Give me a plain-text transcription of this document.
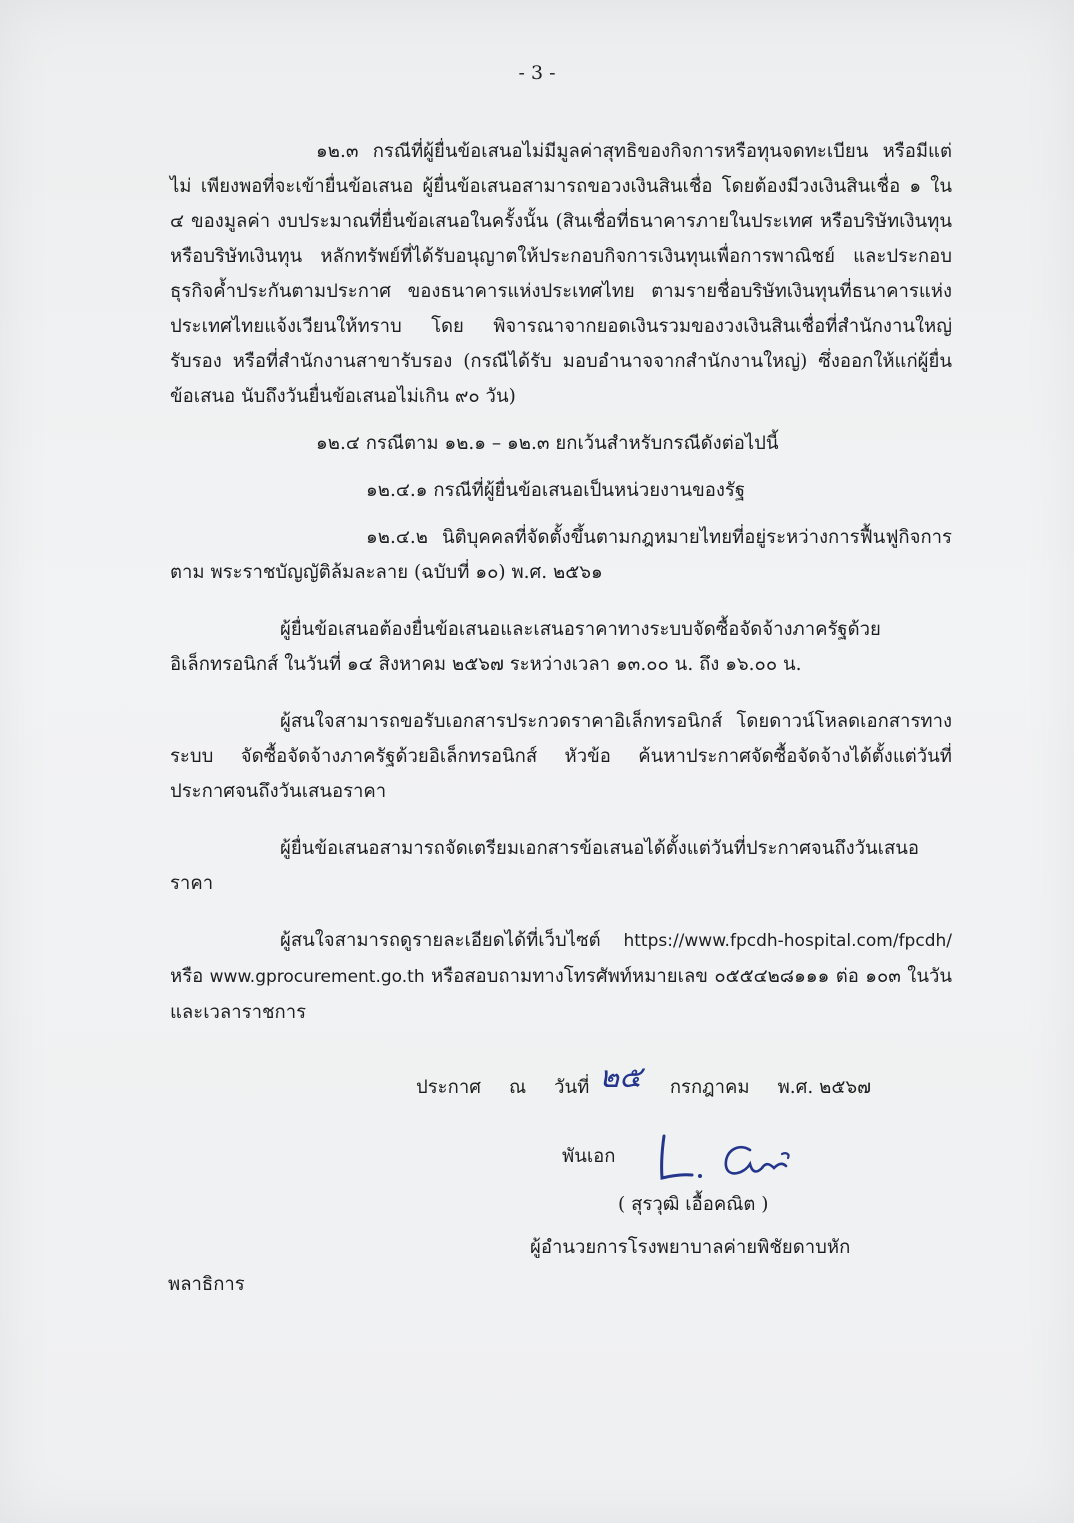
- 3 -

๑๒.๓ กรณีที่ผู้ยื่นข้อเสนอไม่มีมูลค่าสุทธิของกิจการหรือทุนจดทะเบียน หรือมีแต่ไม่ เพียงพอที่จะเข้ายื่นข้อเสนอ ผู้ยื่นข้อเสนอสามารถขอวงเงินสินเชื่อ โดยต้องมีวงเงินสินเชื่อ ๑ ใน ๔ ของมูลค่า งบประมาณที่ยื่นข้อเสนอในครั้งนั้น (สินเชื่อที่ธนาคารภายในประเทศ หรือบริษัทเงินทุนหรือบริษัทเงินทุน หลักทรัพย์ที่ได้รับอนุญาตให้ประกอบกิจการเงินทุนเพื่อการพาณิชย์ และประกอบธุรกิจค้ำประกันตามประกาศ ของธนาคารแห่งประเทศไทย ตามรายชื่อบริษัทเงินทุนที่ธนาคารแห่งประเทศไทยแจ้งเวียนให้ทราบ โดย พิจารณาจากยอดเงินรวมของวงเงินสินเชื่อที่สำนักงานใหญ่รับรอง หรือที่สำนักงานสาขารับรอง (กรณีได้รับ มอบอำนาจจากสำนักงานใหญ่) ซึ่งออกให้แก่ผู้ยื่นข้อเสนอ นับถึงวันยื่นข้อเสนอไม่เกิน ๙๐ วัน)

๑๒.๔ กรณีตาม ๑๒.๑ – ๑๒.๓ ยกเว้นสำหรับกรณีดังต่อไปนี้

๑๒.๔.๑ กรณีที่ผู้ยื่นข้อเสนอเป็นหน่วยงานของรัฐ

๑๒.๔.๒ นิติบุคคลที่จัดตั้งขึ้นตามกฎหมายไทยที่อยู่ระหว่างการฟื้นฟูกิจการตาม พระราชบัญญัติล้มละลาย (ฉบับที่ ๑๐) พ.ศ. ๒๕๖๑

ผู้ยื่นข้อเสนอต้องยื่นข้อเสนอและเสนอราคาทางระบบจัดซื้อจัดจ้างภาครัฐด้วยอิเล็กทรอนิกส์ ในวันที่ ๑๔ สิงหาคม ๒๕๖๗ ระหว่างเวลา ๑๓.๐๐ น. ถึง ๑๖.๐๐ น.

ผู้สนใจสามารถขอรับเอกสารประกวดราคาอิเล็กทรอนิกส์ โดยดาวน์โหลดเอกสารทางระบบ จัดซื้อจัดจ้างภาครัฐด้วยอิเล็กทรอนิกส์ หัวข้อ ค้นหาประกาศจัดซื้อจัดจ้างได้ตั้งแต่วันที่ประกาศจนถึงวันเสนอราคา

ผู้ยื่นข้อเสนอสามารถจัดเตรียมเอกสารข้อเสนอได้ตั้งแต่วันที่ประกาศจนถึงวันเสนอราคา

ผู้สนใจสามารถดูรายละเอียดได้ที่เว็บไซต์ https://www.fpcdh-hospital.com/fpcdh/ หรือ www.gprocurement.go.th หรือสอบถามทางโทรศัพท์หมายเลข ๐๕๕๔๒๘๑๑๑ ต่อ ๑๐๓ ในวันและเวลาราชการ

ประกาศ ณ วันที่ ๒๕ กรกฎาคม พ.ศ. ๒๕๖๗
พันเอก
( สุรวุฒิ เอื้อคณิต )
ผู้อำนวยการโรงพยาบาลค่ายพิชัยดาบหัก
พลาธิการ
